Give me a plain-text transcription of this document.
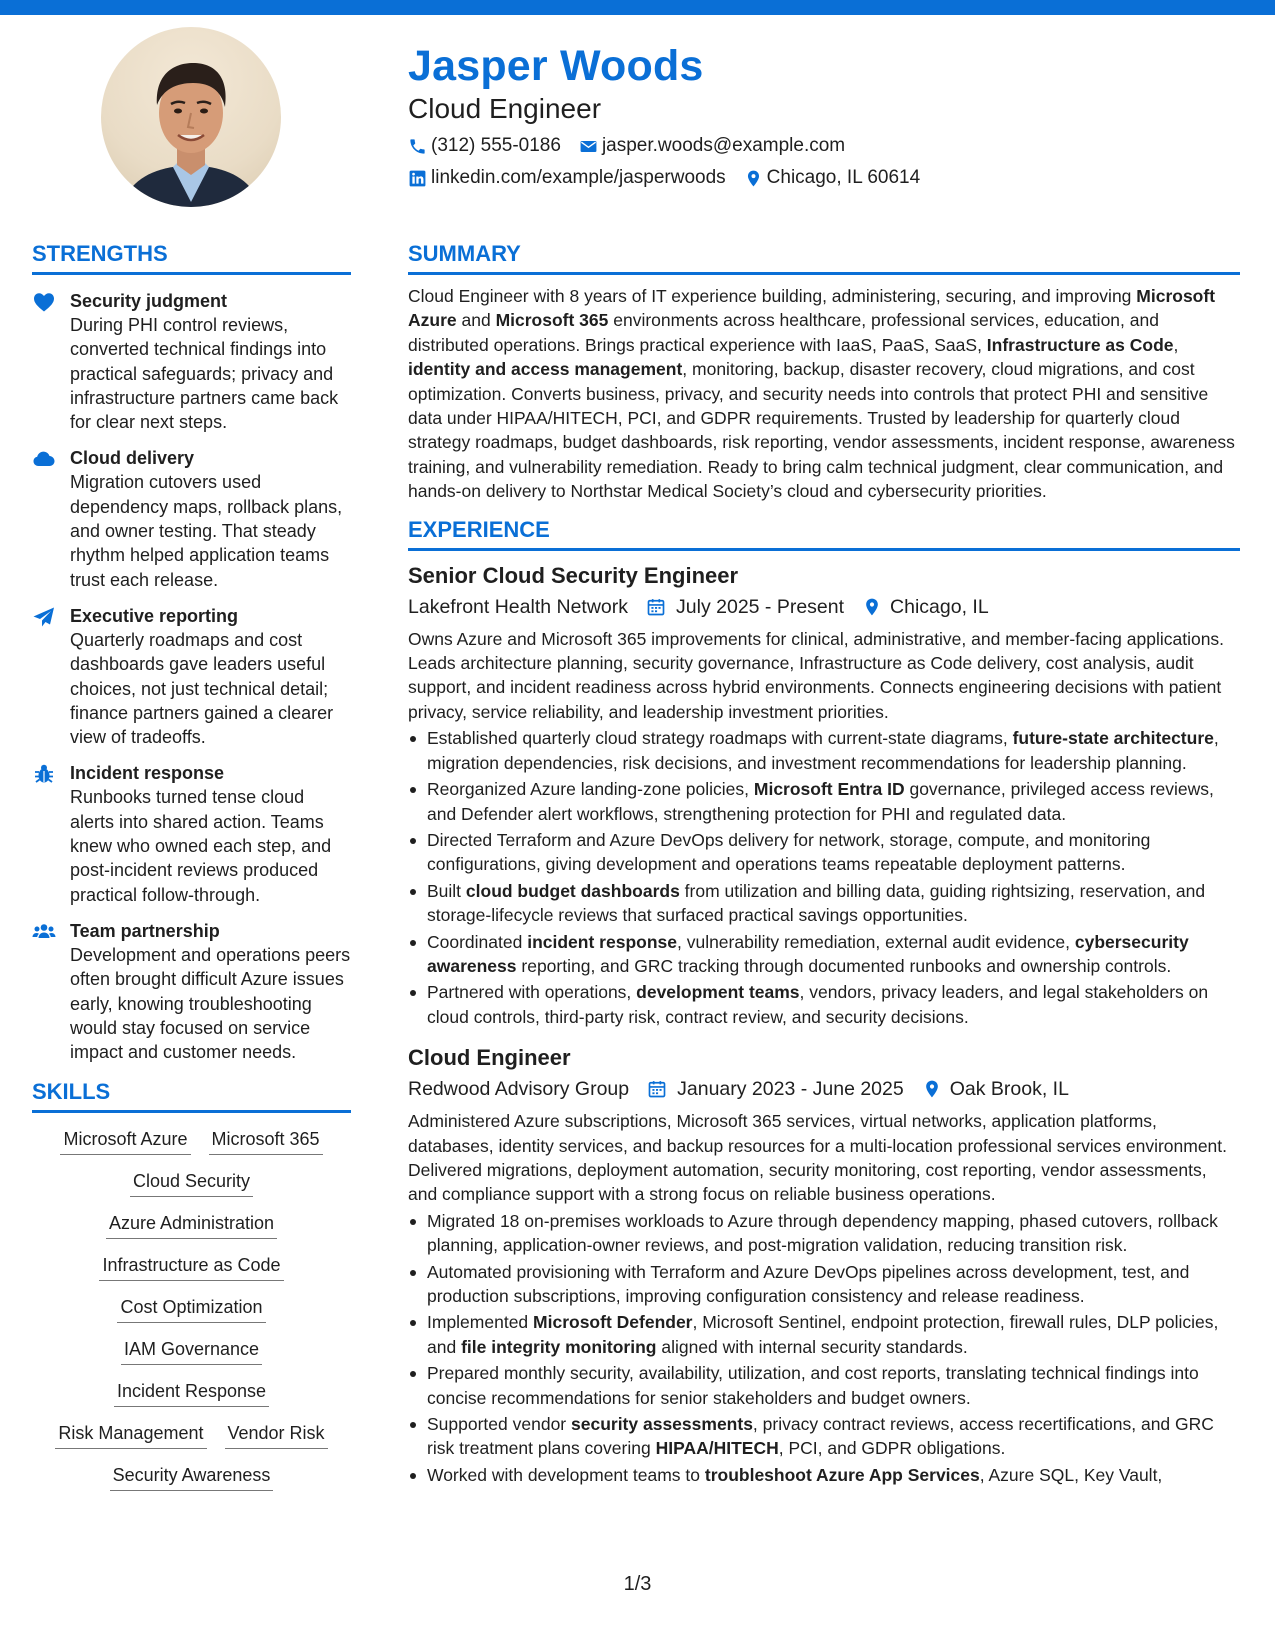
Jasper Woods
Cloud Engineer
(312) 555-0186 jasper.woods@example.com
linkedin.com/example/jasperwoods Chicago, IL 60614
STRENGTHS
Security judgment
During PHI control reviews, converted technical findings into practical safeguards; privacy and infrastructure partners came back for clear next steps.
Cloud delivery
Migration cutovers used dependency maps, rollback plans, and owner testing. That steady rhythm helped application teams trust each release.
Executive reporting
Quarterly roadmaps and cost dashboards gave leaders useful choices, not just technical detail; finance partners gained a clearer view of tradeoffs.
Incident response
Runbooks turned tense cloud alerts into shared action. Teams knew who owned each step, and post-incident reviews produced practical follow-through.
Team partnership
Development and operations peers often brought difficult Azure issues early, knowing troubleshooting would stay focused on service impact and customer needs.
SKILLS
Microsoft Azure Microsoft 365
Cloud Security
Azure Administration
Infrastructure as Code
Cost Optimization
IAM Governance
Incident Response
Risk Management Vendor Risk
Security Awareness
SUMMARY

Cloud Engineer with 8 years of IT experience building, administering, securing, and improving Microsoft Azure and Microsoft 365 environments across healthcare, professional services, education, and distributed operations. Brings practical experience with IaaS, PaaS, SaaS, Infrastructure as Code, identity and access management, monitoring, backup, disaster recovery, cloud migrations, and cost optimization. Converts business, privacy, and security needs into controls that protect PHI and sensitive data under HIPAA/HITECH, PCI, and GDPR requirements. Trusted by leadership for quarterly cloud strategy roadmaps, budget dashboards, risk reporting, vendor assessments, incident response, awareness training, and vulnerability remediation. Ready to bring calm technical judgment, clear communication, and hands-on delivery to Northstar Medical Society’s cloud and cybersecurity priorities.

EXPERIENCE
Senior Cloud Security Engineer
Lakefront Health Network July 2025 - Present Chicago, IL

Owns Azure and Microsoft 365 improvements for clinical, administrative, and member-facing applications. Leads architecture planning, security governance, Infrastructure as Code delivery, cost analysis, audit support, and incident readiness across hybrid environments. Connects engineering decisions with patient privacy, service reliability, and leadership investment priorities.

Established quarterly cloud strategy roadmaps with current-state diagrams, future-state architecture, migration dependencies, risk decisions, and investment recommendations for leadership planning.
Reorganized Azure landing-zone policies, Microsoft Entra ID governance, privileged access reviews, and Defender alert workflows, strengthening protection for PHI and regulated data.
Directed Terraform and Azure DevOps delivery for network, storage, compute, and monitoring configurations, giving development and operations teams repeatable deployment patterns.
Built cloud budget dashboards from utilization and billing data, guiding rightsizing, reservation, and storage-lifecycle reviews that surfaced practical savings opportunities.
Coordinated incident response, vulnerability remediation, external audit evidence, cybersecurity awareness reporting, and GRC tracking through documented runbooks and ownership controls.
Partnered with operations, development teams, vendors, privacy leaders, and legal stakeholders on cloud controls, third-party risk, contract review, and security decisions.
Cloud Engineer
Redwood Advisory Group January 2023 - June 2025 Oak Brook, IL

Administered Azure subscriptions, Microsoft 365 services, virtual networks, application platforms, databases, identity services, and backup resources for a multi-location professional services environment. Delivered migrations, deployment automation, security monitoring, cost reporting, vendor assessments, and compliance support with a strong focus on reliable business operations.

Migrated 18 on-premises workloads to Azure through dependency mapping, phased cutovers, rollback planning, application-owner reviews, and post-migration validation, reducing transition risk.
Automated provisioning with Terraform and Azure DevOps pipelines across development, test, and production subscriptions, improving configuration consistency and release readiness.
Implemented Microsoft Defender, Microsoft Sentinel, endpoint protection, firewall rules, DLP policies, and file integrity monitoring aligned with internal security standards.
Prepared monthly security, availability, utilization, and cost reports, translating technical findings into concise recommendations for senior stakeholders and budget owners.
Supported vendor security assessments, privacy contract reviews, access recertifications, and GRC risk treatment plans covering HIPAA/HITECH, PCI, and GDPR obligations.
Worked with development teams to troubleshoot Azure App Services, Azure SQL, Key Vault,
1/3
